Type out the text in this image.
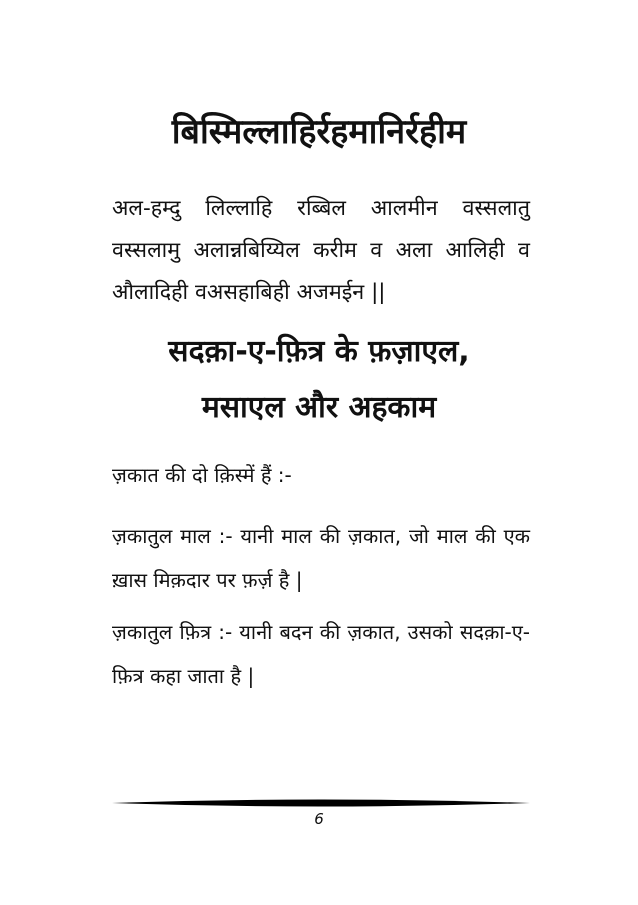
बिस्मिल्लाहिर्रहमानिर्रहीम

अल-हम्दु लिल्लाहि रब्बिल आलमीन वस्सलातु वस्सलामु अलान्नबिय्यिल करीम व अला आलिही व औलादिही वअसहाबिही अजमईन ||

सदक़ा-ए-फ़ित्र के फ़ज़ाएल,
मसाएल और अहकाम

ज़कात की दो क़िस्में हैं :-

ज़कातुल माल :- यानी माल की ज़कात, जो माल की एक ख़ास मिक़दार पर फ़र्ज़ है |

ज़कातुल फ़ित्र :- यानी बदन की ज़कात, उसको सदक़ा-ए-फ़ित्र कहा जाता है |

6
